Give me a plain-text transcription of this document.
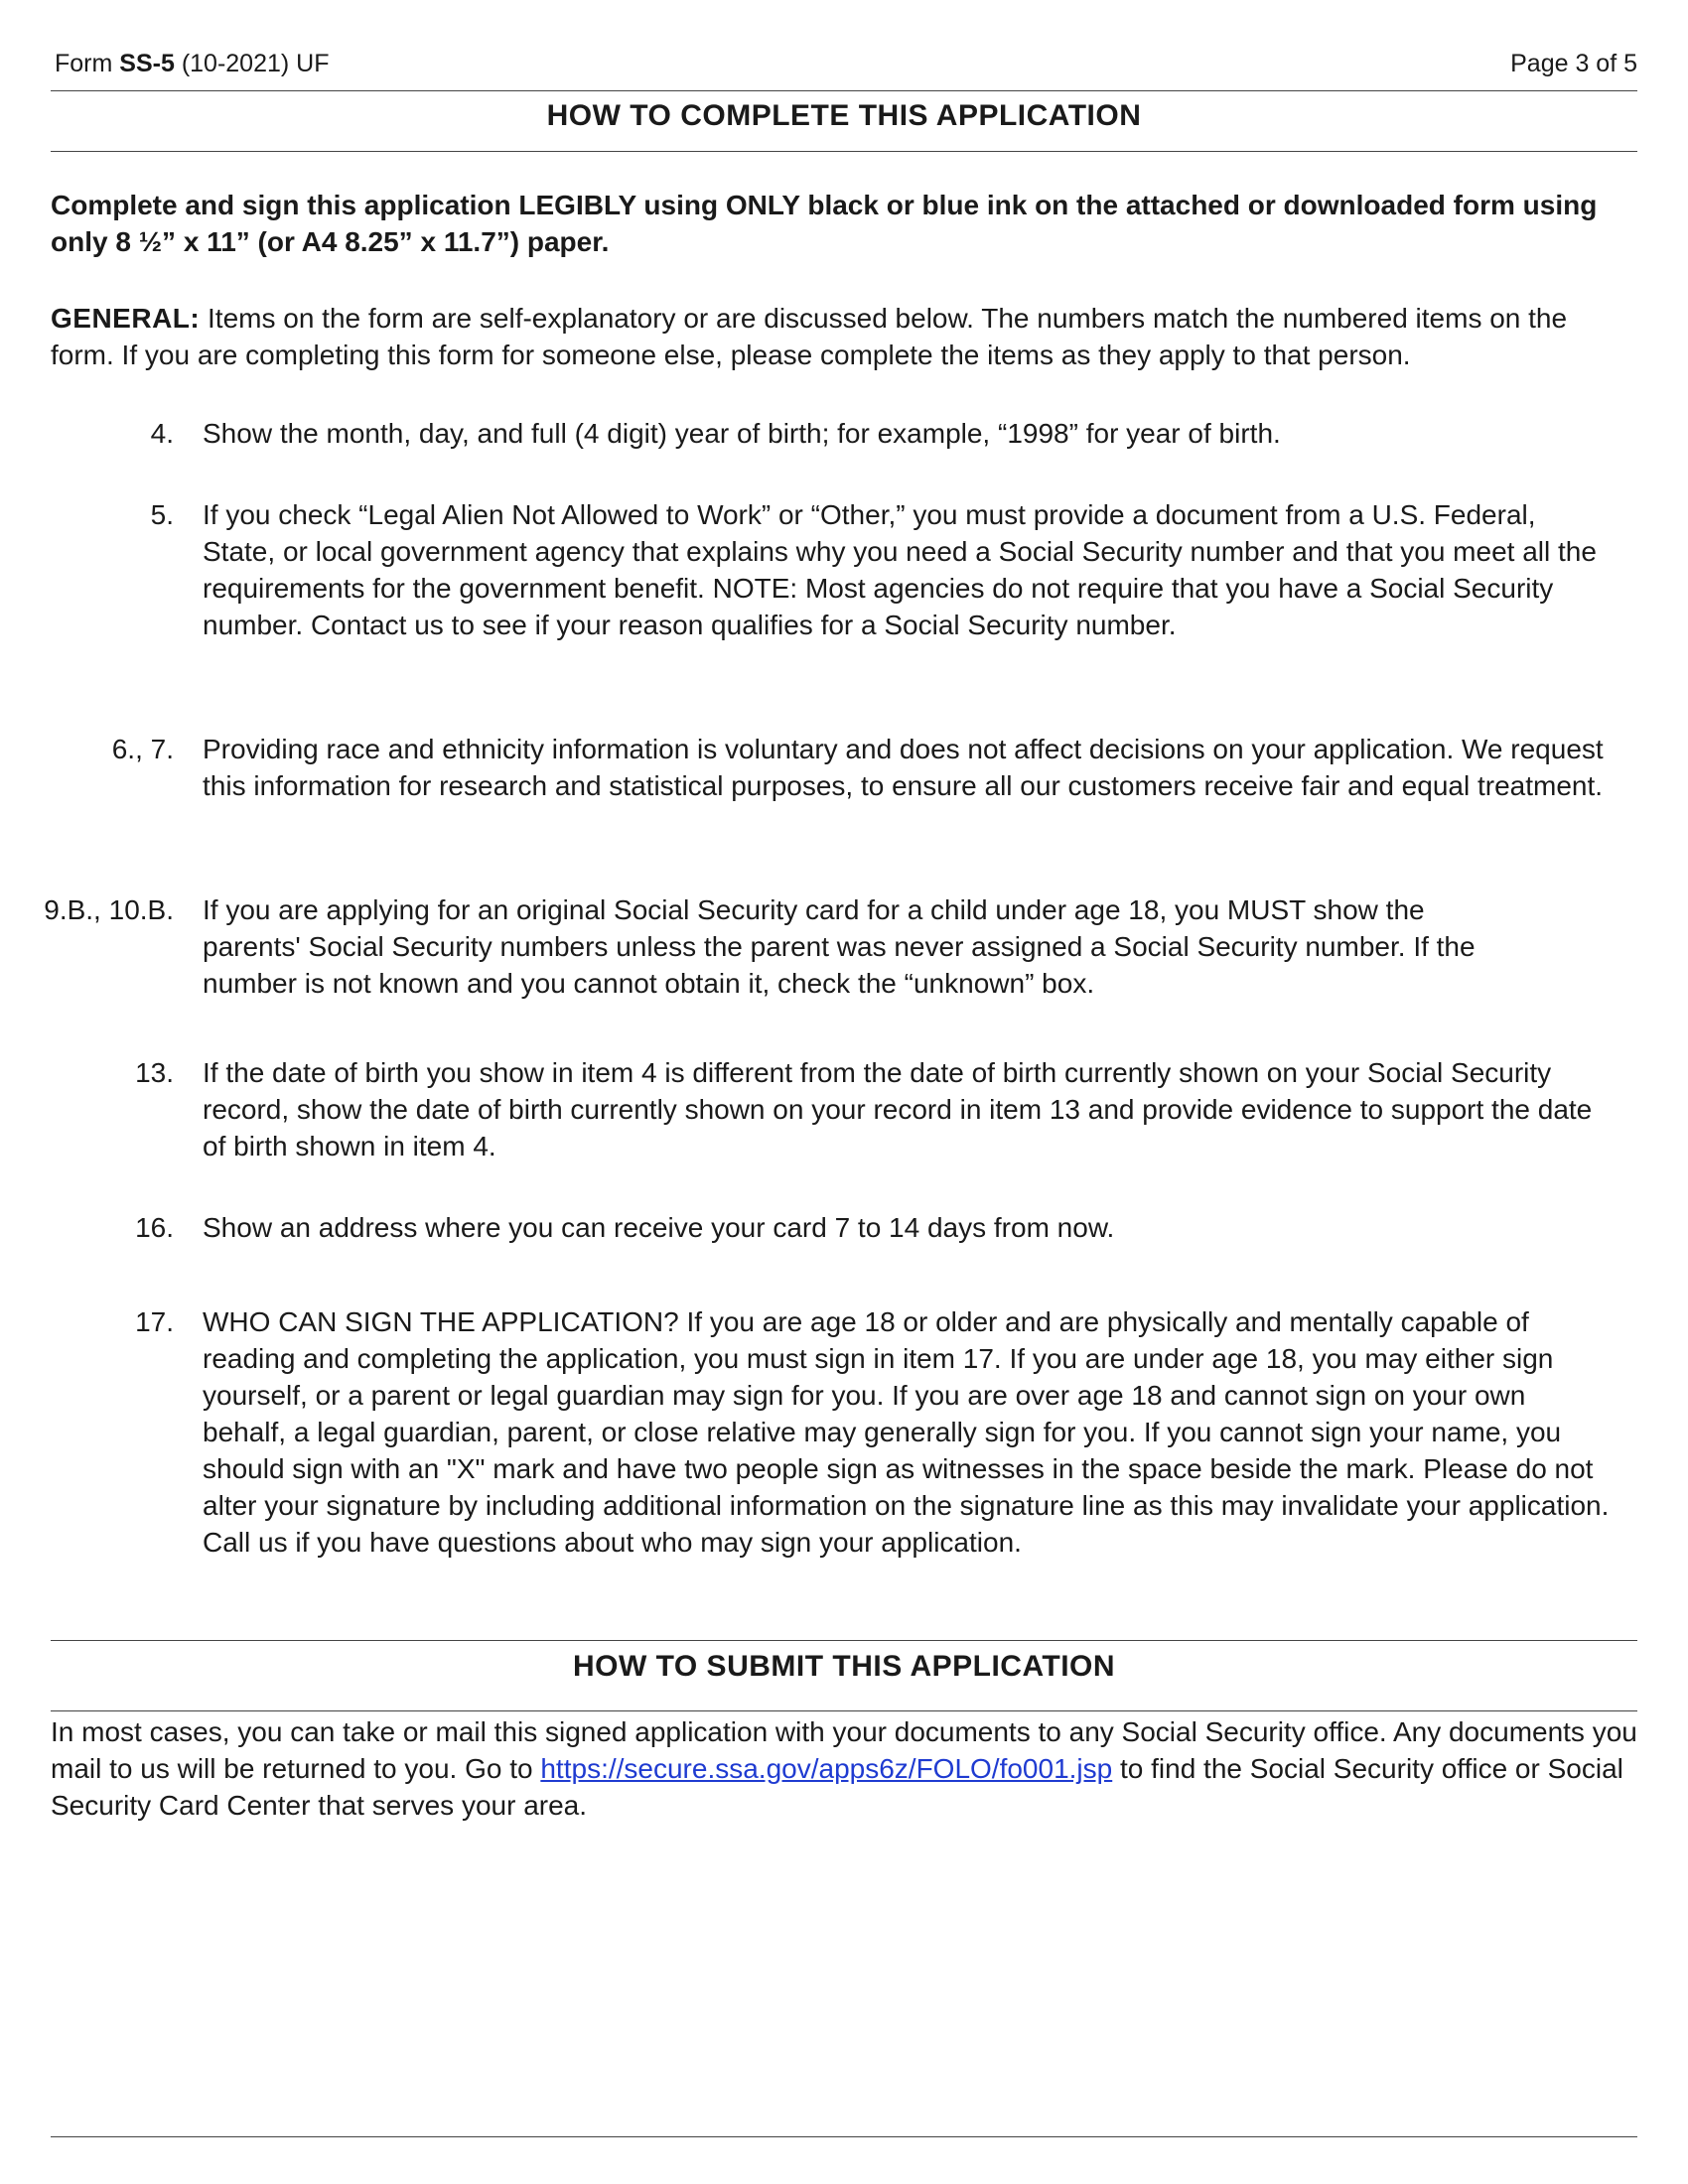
Form SS-5 (10-2021) UF	Page 3 of 5
HOW TO COMPLETE THIS APPLICATION
Complete and sign this application LEGIBLY using ONLY black or blue ink on the attached or downloaded form using only 8 ½” x 11” (or A4 8.25” x 11.7”) paper.
GENERAL: Items on the form are self-explanatory or are discussed below. The numbers match the numbered items on the form. If you are completing this form for someone else, please complete the items as they apply to that person.
4. Show the month, day, and full (4 digit) year of birth; for example, “1998” for year of birth.
5. If you check “Legal Alien Not Allowed to Work” or “Other,” you must provide a document from a U.S. Federal, State, or local government agency that explains why you need a Social Security number and that you meet all the requirements for the government benefit. NOTE: Most agencies do not require that you have a Social Security number. Contact us to see if your reason qualifies for a Social Security number.
6., 7. Providing race and ethnicity information is voluntary and does not affect decisions on your application. We request this information for research and statistical purposes, to ensure all our customers receive fair and equal treatment.
9.B., 10.B. If you are applying for an original Social Security card for a child under age 18, you MUST show the parents' Social Security numbers unless the parent was never assigned a Social Security number. If the number is not known and you cannot obtain it, check the “unknown” box.
13. If the date of birth you show in item 4 is different from the date of birth currently shown on your Social Security record, show the date of birth currently shown on your record in item 13 and provide evidence to support the date of birth shown in item 4.
16. Show an address where you can receive your card 7 to 14 days from now.
17. WHO CAN SIGN THE APPLICATION? If you are age 18 or older and are physically and mentally capable of reading and completing the application, you must sign in item 17. If you are under age 18, you may either sign yourself, or a parent or legal guardian may sign for you. If you are over age 18 and cannot sign on your own behalf, a legal guardian, parent, or close relative may generally sign for you. If you cannot sign your name, you should sign with an "X" mark and have two people sign as witnesses in the space beside the mark. Please do not alter your signature by including additional information on the signature line as this may invalidate your application. Call us if you have questions about who may sign your application.
HOW TO SUBMIT THIS APPLICATION
In most cases, you can take or mail this signed application with your documents to any Social Security office. Any documents you mail to us will be returned to you. Go to https://secure.ssa.gov/apps6z/FOLO/fo001.jsp to find the Social Security office or Social Security Card Center that serves your area.
